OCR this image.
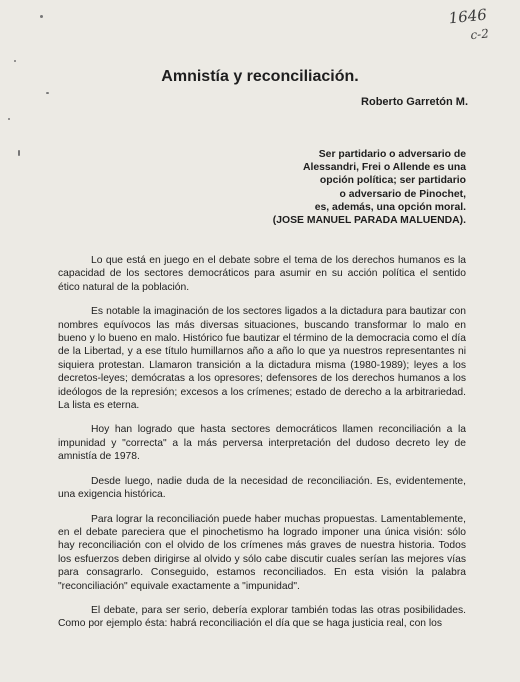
1646
c-2
Amnistía y reconciliación.
Roberto Garretón M.
Ser partidario o adversario de
Alessandri, Frei o Allende es una
opción política; ser partidario
o adversario de Pinochet,
es, además, una opción moral.
(JOSE MANUEL PARADA MALUENDA).

Lo que está en juego en el debate sobre el tema de los derechos humanos es la capacidad de los sectores democráticos para asumir en su acción política el sentido ético natural de la población.

Es notable la imaginación de los sectores ligados a la dictadura para bautizar con nombres equívocos las más diversas situaciones, buscando transformar lo malo en bueno y lo bueno en malo. Histórico fue bautizar el término de la democracia como el día de la Libertad, y a ese título humillarnos año a año lo que ya nuestros representantes ni siquiera protestan. Llamaron transición a la dictadura misma (1980-1989); leyes a los decretos-leyes; demócratas a los opresores; defensores de los derechos humanos a los ideólogos de la represión; excesos a los crímenes; estado de derecho a la arbitrariedad. La lista es eterna.

Hoy han logrado que hasta sectores democráticos llamen reconciliación a la impunidad y "correcta" a la más perversa interpretación del dudoso decreto ley de amnistía de 1978.

Desde luego, nadie duda de la necesidad de reconciliación. Es, evidentemente, una exigencia histórica.

Para lograr la reconciliación puede haber muchas propuestas. Lamentablemente, en el debate pareciera que el pinochetismo ha logrado imponer una única visión: sólo hay reconciliación con el olvido de los crímenes más graves de nuestra historia. Todos los esfuerzos deben dirigirse al olvido y sólo cabe discutir cuales serían las mejores vías para consagrarlo. Conseguido, estamos reconciliados. En esta visión la palabra "reconciliación" equivale exactamente a "impunidad".

El debate, para ser serio, debería explorar también todas las otras posibilidades. Como por ejemplo ésta: habrá reconciliación el día que se haga justicia real, con los
